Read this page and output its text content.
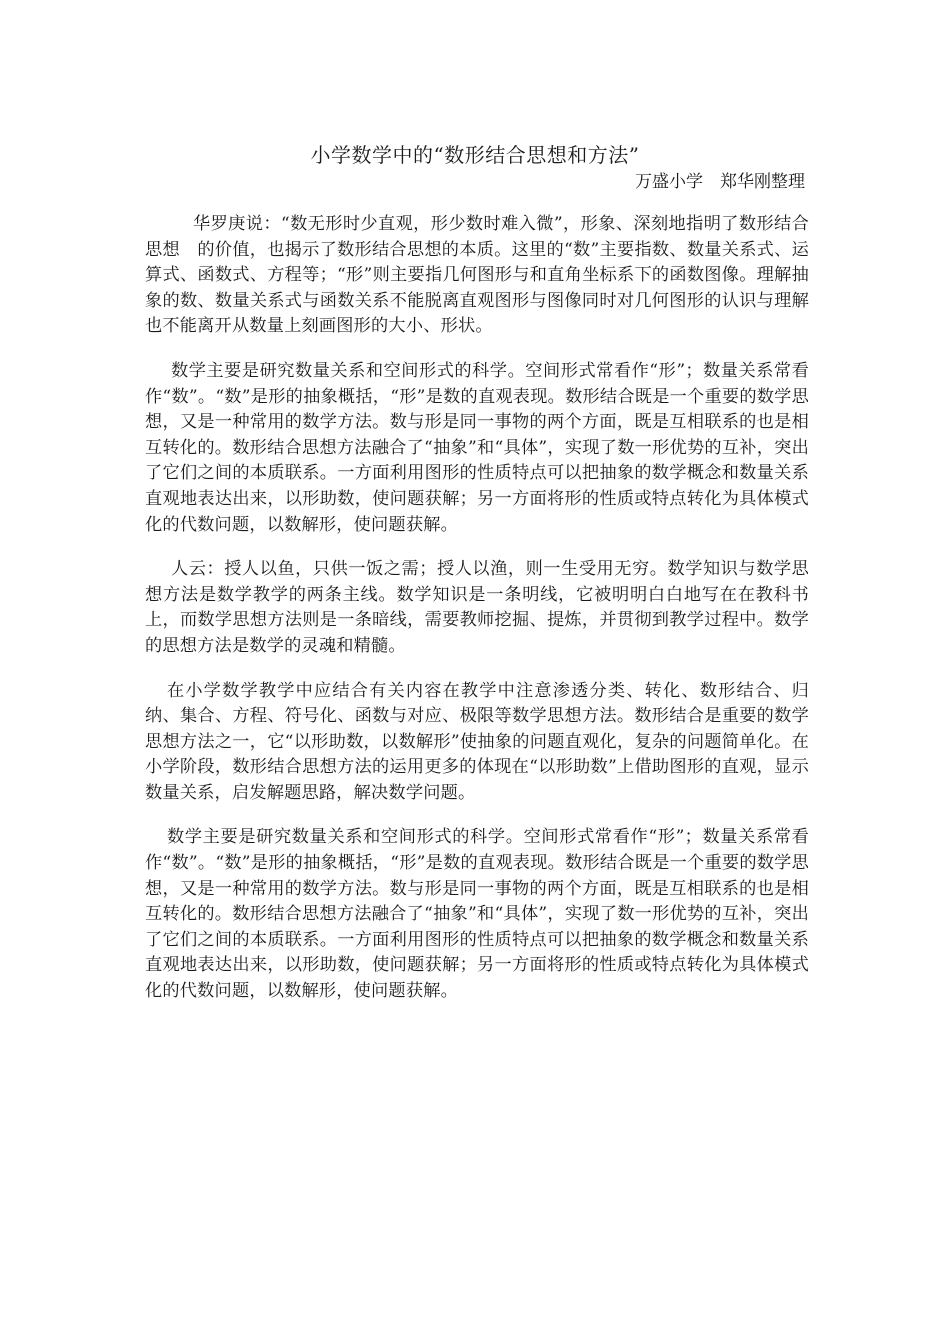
小学数学中的“数形结合思想和方法”
万盛小学　郑华刚整理

华罗庚说：“数无形时少直观，形少数时难入微”，形象、深刻地指明了数形结合思想　的价值，也揭示了数形结合思想的本质。这里的“数”主要指数、数量关系式、运算式、函数式、方程等；“形”则主要指几何图形与和直角坐标系下的函数图像。理解抽象的数、数量关系式与函数关系不能脱离直观图形与图像同时对几何图形的认识与理解也不能离开从数量上刻画图形的大小、形状。

数学主要是研究数量关系和空间形式的科学。空间形式常看作“形”；数量关系常看作“数”。“数”是形的抽象概括，“形”是数的直观表现。数形结合既是一个重要的数学思想，又是一种常用的数学方法。数与形是同一事物的两个方面，既是互相联系的也是相互转化的。数形结合思想方法融合了“抽象”和“具体”，实现了数一形优势的互补，突出了它们之间的本质联系。一方面利用图形的性质特点可以把抽象的数学概念和数量关系直观地表达出来，以形助数，使问题获解；另一方面将形的性质或特点转化为具体模式化的代数问题，以数解形，使问题获解。

人云：授人以鱼，只供一饭之需；授人以渔，则一生受用无穷。数学知识与数学思想方法是数学教学的两条主线。数学知识是一条明线，它被明明白白地写在在教科书上，而数学思想方法则是一条暗线，需要教师挖掘、提炼，并贯彻到教学过程中。数学的思想方法是数学的灵魂和精髓。

在小学数学教学中应结合有关内容在教学中注意渗透分类、转化、数形结合、归纳、集合、方程、符号化、函数与对应、极限等数学思想方法。数形结合是重要的数学思想方法之一，它“以形助数，以数解形”使抽象的问题直观化，复杂的问题简单化。在小学阶段，数形结合思想方法的运用更多的体现在“以形助数”上借助图形的直观，显示数量关系，启发解题思路，解决数学问题。

数学主要是研究数量关系和空间形式的科学。空间形式常看作“形”；数量关系常看作“数”。“数”是形的抽象概括，“形”是数的直观表现。数形结合既是一个重要的数学思想，又是一种常用的数学方法。数与形是同一事物的两个方面，既是互相联系的也是相互转化的。数形结合思想方法融合了“抽象”和“具体”，实现了数一形优势的互补，突出了它们之间的本质联系。一方面利用图形的性质特点可以把抽象的数学概念和数量关系直观地表达出来，以形助数，使问题获解；另一方面将形的性质或特点转化为具体模式化的代数问题，以数解形，使问题获解。
